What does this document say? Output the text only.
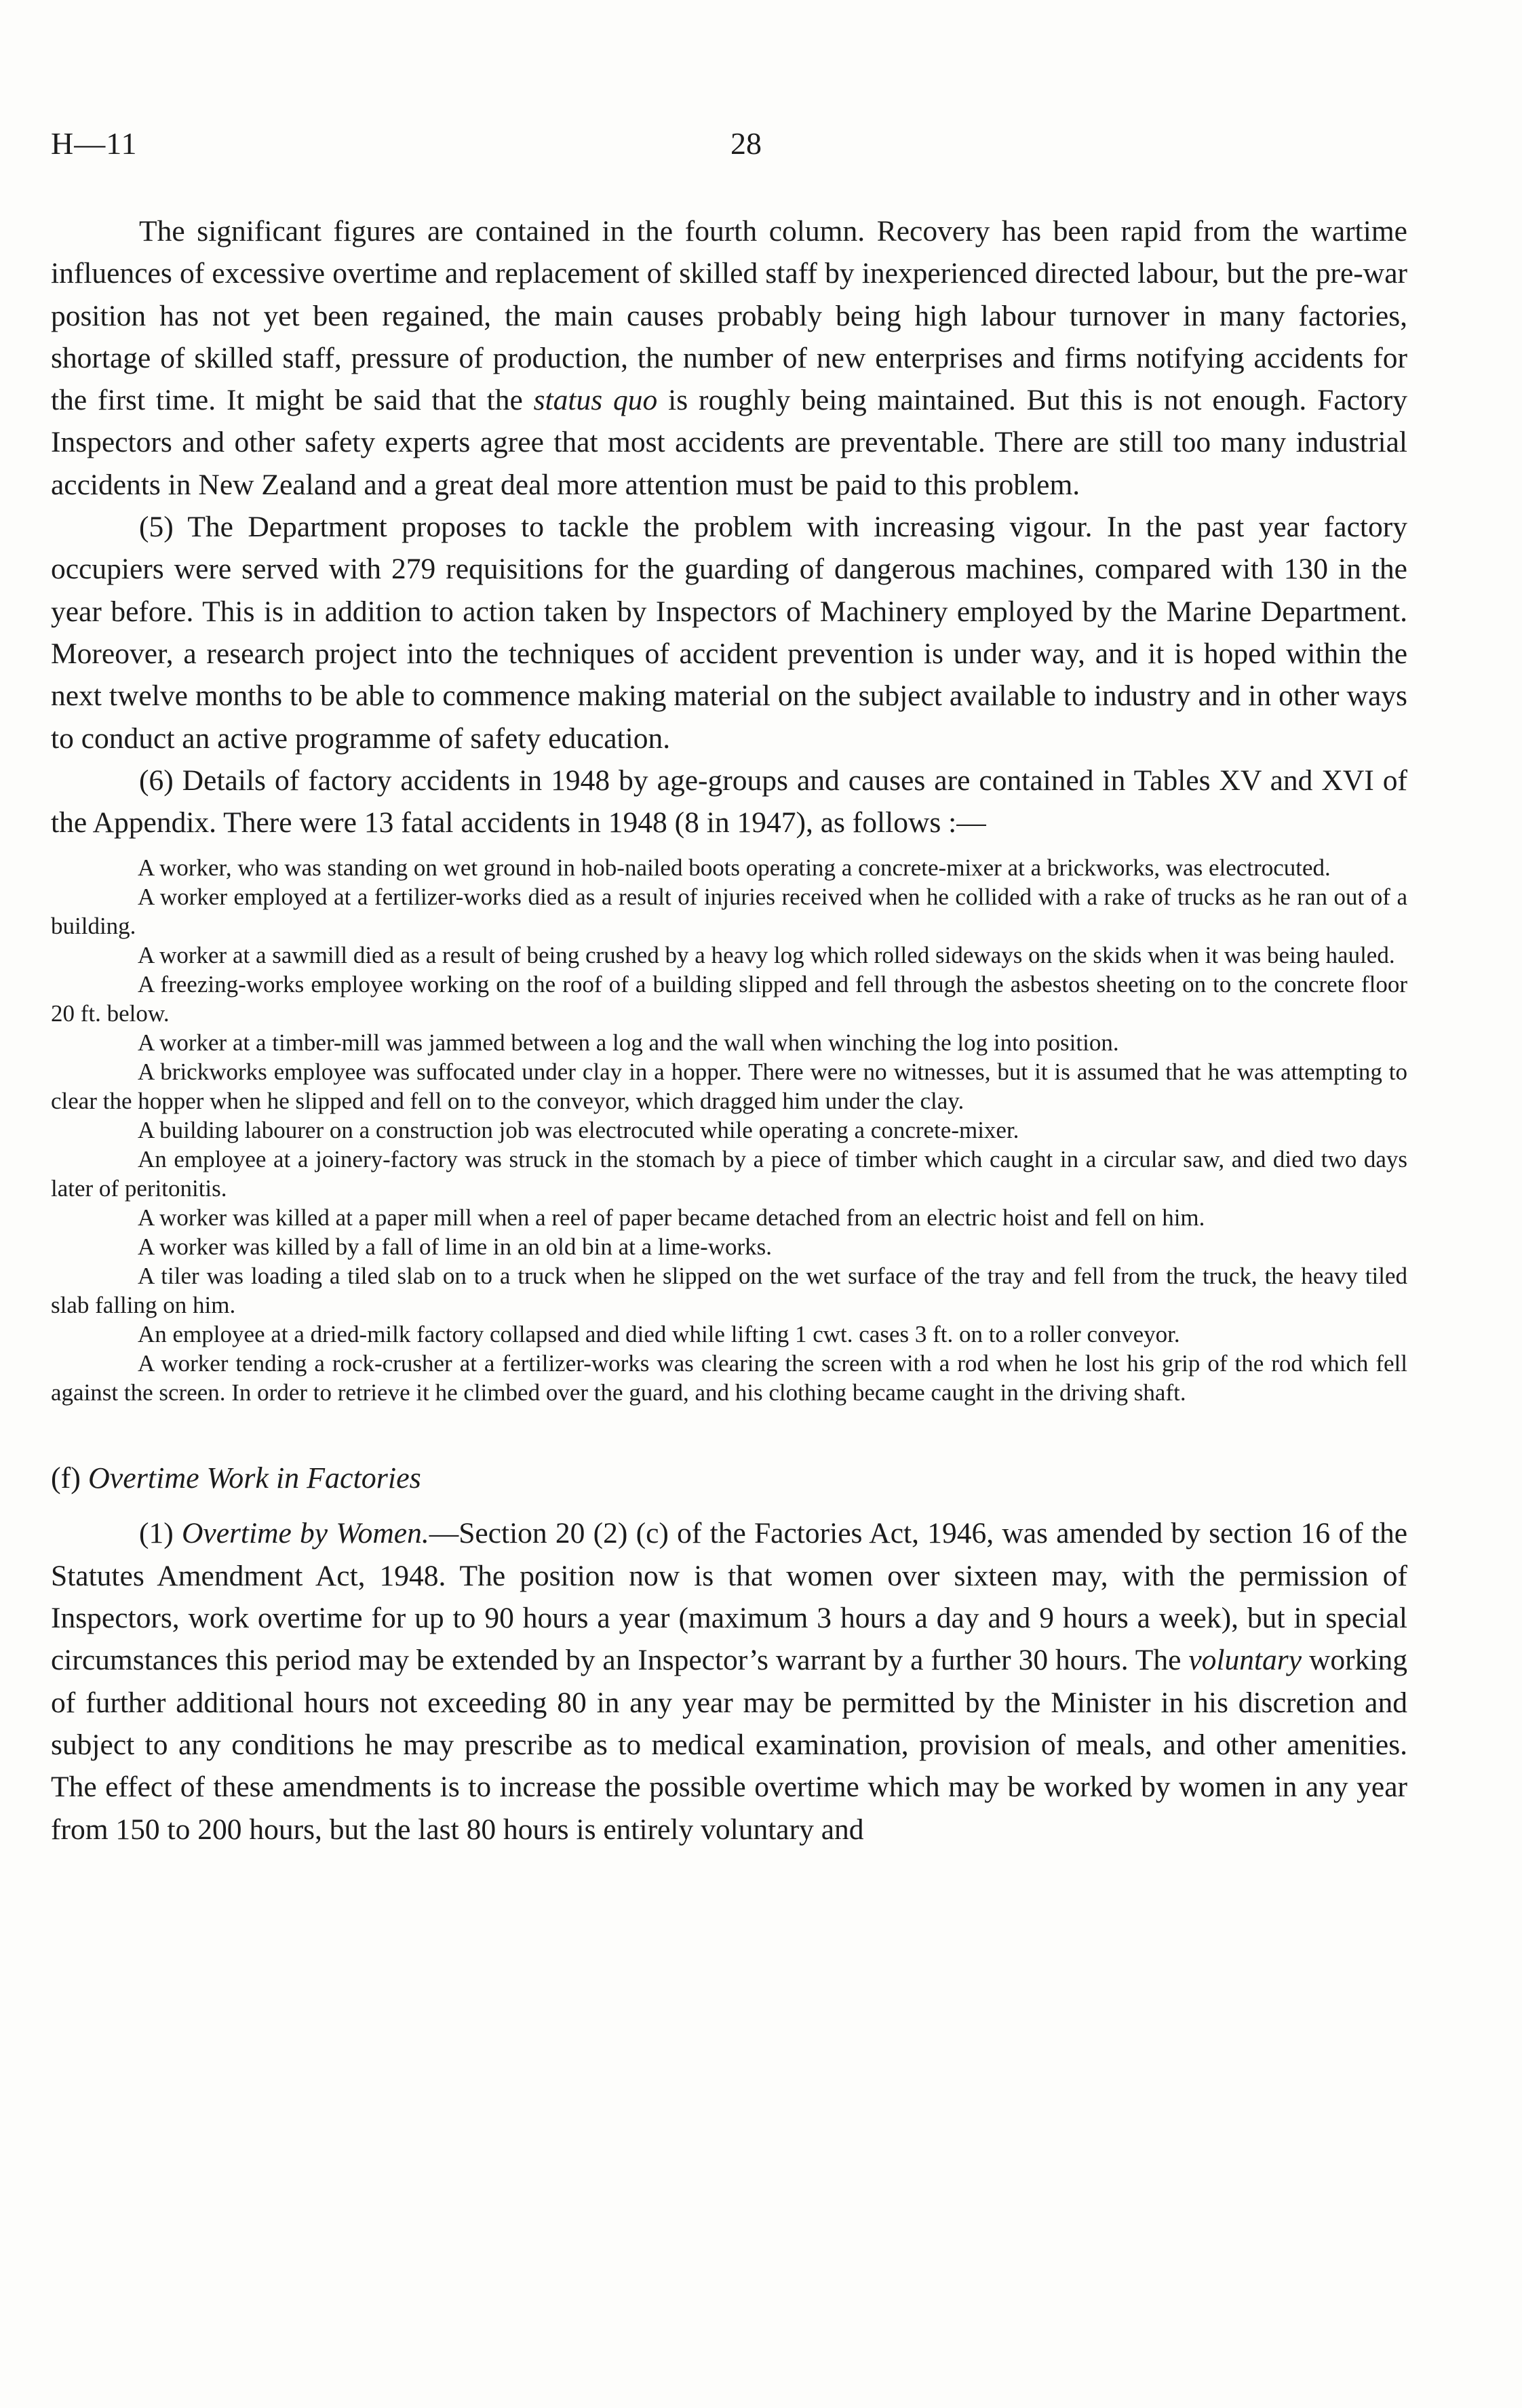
H—11	28

The significant figures are contained in the fourth column. Recovery has been rapid from the wartime influences of excessive overtime and replacement of skilled staff by inexperienced directed labour, but the pre-war position has not yet been regained, the main causes probably being high labour turnover in many factories, shortage of skilled staff, pressure of production, the number of new enterprises and firms notifying accidents for the first time. It might be said that the status quo is roughly being maintained. But this is not enough. Factory Inspectors and other safety experts agree that most accidents are preventable. There are still too many industrial accidents in New Zealand and a great deal more attention must be paid to this problem.

(5) The Department proposes to tackle the problem with increasing vigour. In the past year factory occupiers were served with 279 requisitions for the guarding of dangerous machines, compared with 130 in the year before. This is in addition to action taken by Inspectors of Machinery employed by the Marine Department. Moreover, a research project into the techniques of accident prevention is under way, and it is hoped within the next twelve months to be able to commence making material on the subject available to industry and in other ways to conduct an active programme of safety education.

(6) Details of factory accidents in 1948 by age-groups and causes are contained in Tables XV and XVI of the Appendix. There were 13 fatal accidents in 1948 (8 in 1947), as follows :—

A worker, who was standing on wet ground in hob-nailed boots operating a concrete-mixer at a brickworks, was electrocuted.

A worker employed at a fertilizer-works died as a result of injuries received when he collided with a rake of trucks as he ran out of a building.

A worker at a sawmill died as a result of being crushed by a heavy log which rolled sideways on the skids when it was being hauled.

A freezing-works employee working on the roof of a building slipped and fell through the asbestos sheeting on to the concrete floor 20 ft. below.

A worker at a timber-mill was jammed between a log and the wall when winching the log into position.

A brickworks employee was suffocated under clay in a hopper. There were no witnesses, but it is assumed that he was attempting to clear the hopper when he slipped and fell on to the conveyor, which dragged him under the clay.

A building labourer on a construction job was electrocuted while operating a concrete-mixer.

An employee at a joinery-factory was struck in the stomach by a piece of timber which caught in a circular saw, and died two days later of peritonitis.

A worker was killed at a paper mill when a reel of paper became detached from an electric hoist and fell on him.

A worker was killed by a fall of lime in an old bin at a lime-works.

A tiler was loading a tiled slab on to a truck when he slipped on the wet surface of the tray and fell from the truck, the heavy tiled slab falling on him.

An employee at a dried-milk factory collapsed and died while lifting 1 cwt. cases 3 ft. on to a roller conveyor.

A worker tending a rock-crusher at a fertilizer-works was clearing the screen with a rod when he lost his grip of the rod which fell against the screen. In order to retrieve it he climbed over the guard, and his clothing became caught in the driving shaft.

(f) Overtime Work in Factories

(1) Overtime by Women.—Section 20 (2) (c) of the Factories Act, 1946, was amended by section 16 of the Statutes Amendment Act, 1948. The position now is that women over sixteen may, with the permission of Inspectors, work overtime for up to 90 hours a year (maximum 3 hours a day and 9 hours a week), but in special circumstances this period may be extended by an Inspector’s warrant by a further 30 hours. The voluntary working of further additional hours not exceeding 80 in any year may be permitted by the Minister in his discretion and subject to any conditions he may prescribe as to medical examination, provision of meals, and other amenities. The effect of these amendments is to increase the possible overtime which may be worked by women in any year from 150 to 200 hours, but the last 80 hours is entirely voluntary and
